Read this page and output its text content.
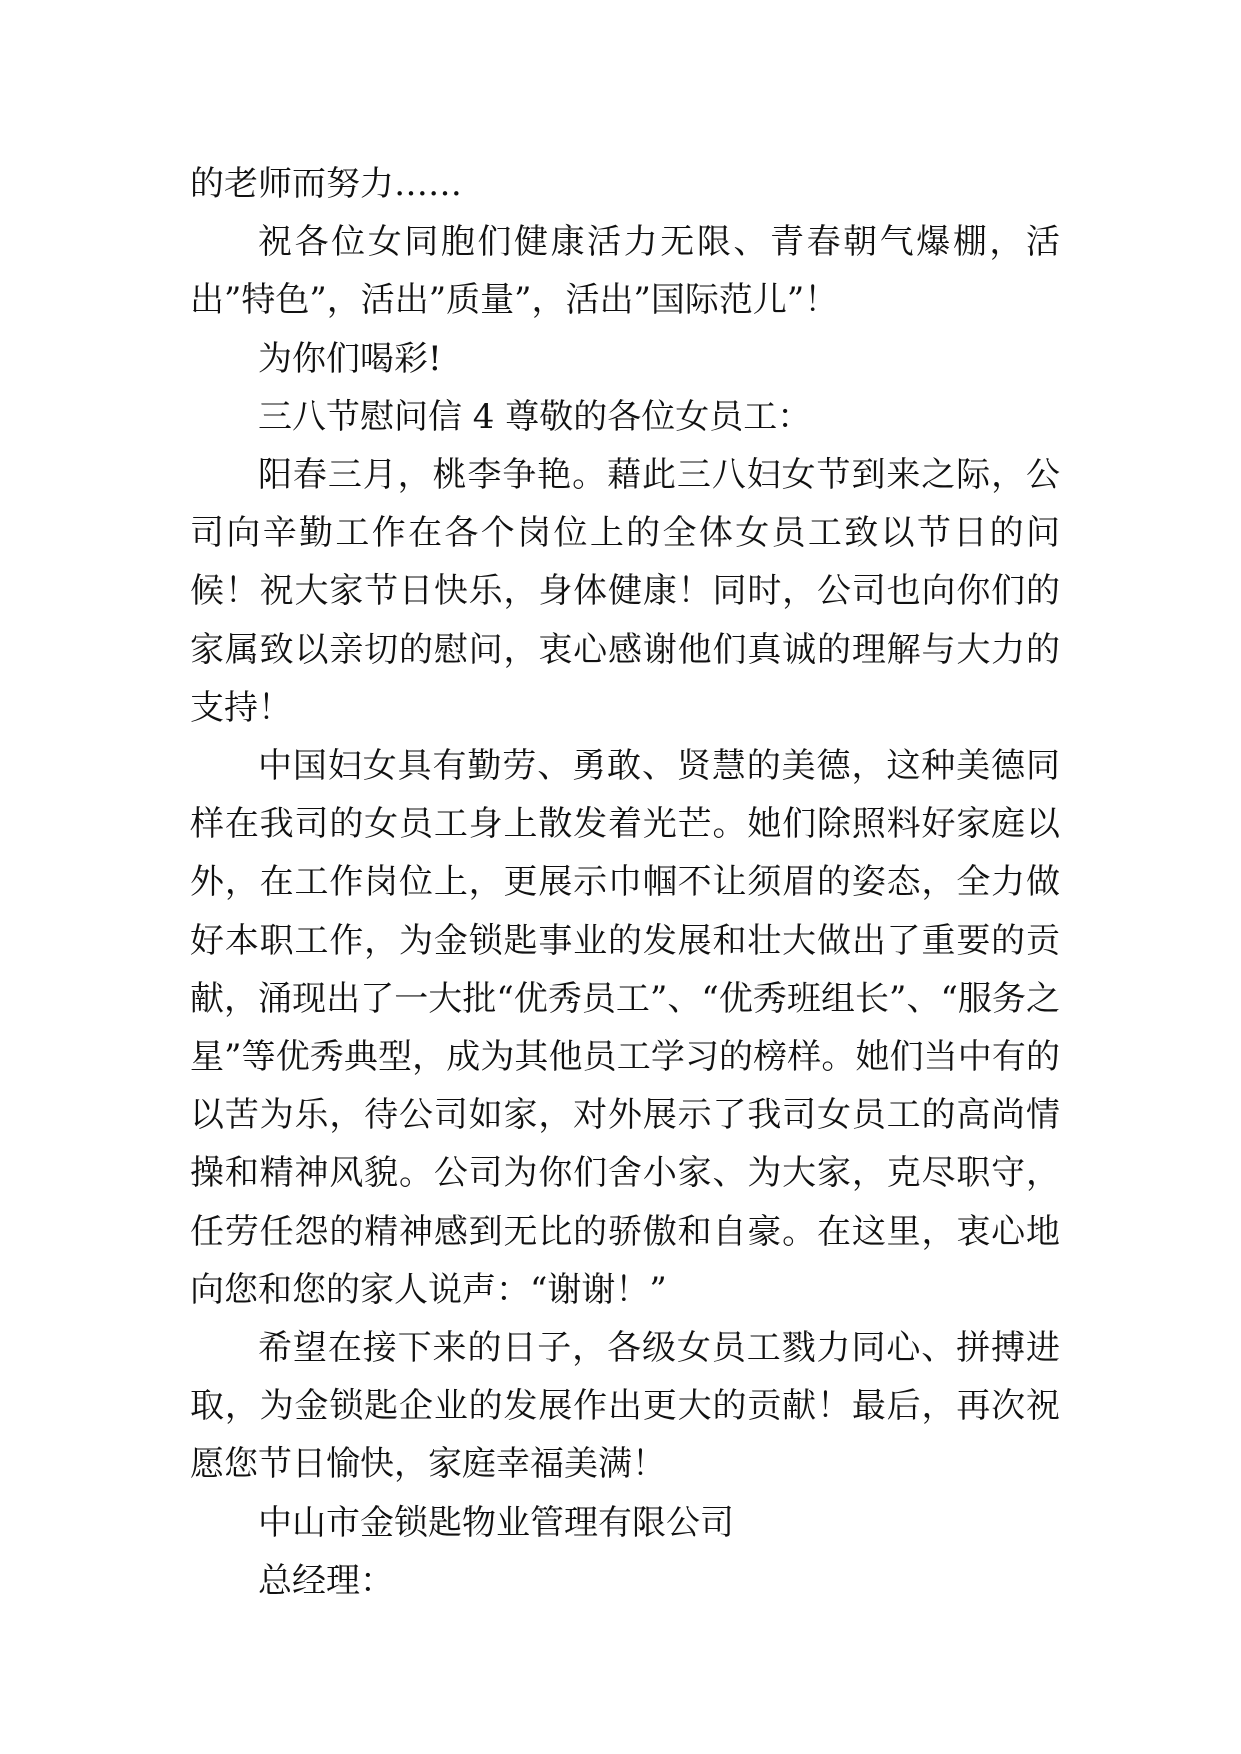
的老师而努力……

祝各位女同胞们健康活力无限、青春朝气爆棚，活出”特色”，活出”质量”，活出”国际范儿”！

为你们喝彩!

三八节慰问信 4 尊敬的各位女员工：

阳春三月，桃李争艳。藉此三八妇女节到来之际，公司向辛勤工作在各个岗位上的全体女员工致以节日的问候！祝大家节日快乐，身体健康！同时，公司也向你们的家属致以亲切的慰问，衷心感谢他们真诚的理解与大力的支持！

中国妇女具有勤劳、勇敢、贤慧的美德，这种美德同样在我司的女员工身上散发着光芒。她们除照料好家庭以外，在工作岗位上，更展示巾帼不让须眉的姿态，全力做好本职工作，为金锁匙事业的发展和壮大做出了重要的贡献，涌现出了一大批“优秀员工”、“优秀班组长”、“服务之星”等优秀典型，成为其他员工学习的榜样。她们当中有的以苦为乐，待公司如家，对外展示了我司女员工的高尚情操和精神风貌。公司为你们舍小家、为大家，克尽职守，任劳任怨的精神感到无比的骄傲和自豪。在这里，衷心地向您和您的家人说声：“谢谢！”

希望在接下来的日子，各级女员工戮力同心、拼搏进取，为金锁匙企业的发展作出更大的贡献！最后，再次祝愿您节日愉快，家庭幸福美满！

中山市金锁匙物业管理有限公司

总经理：
